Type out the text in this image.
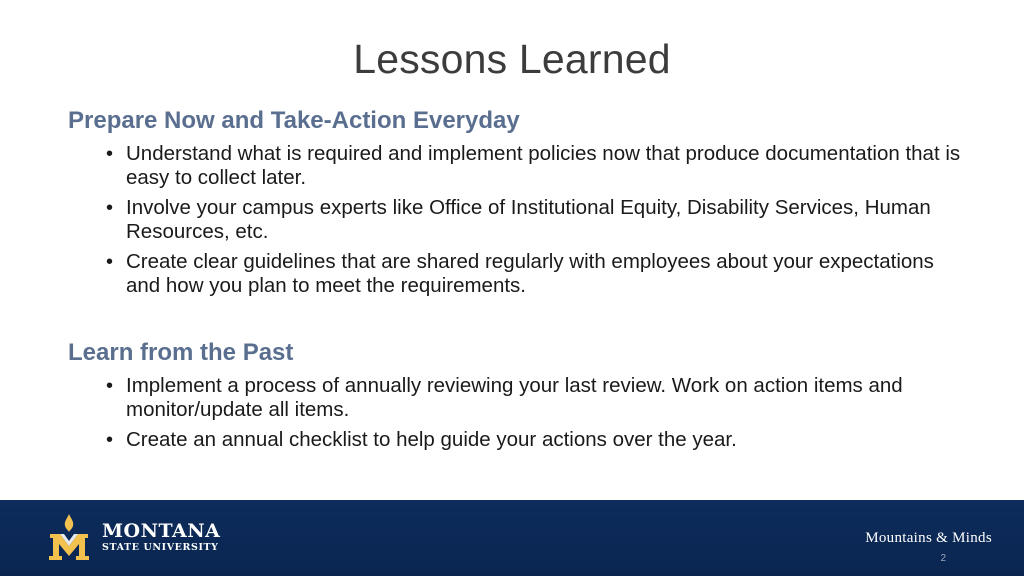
Lessons Learned
Prepare Now and Take-Action Everyday
• Understand what is required and implement policies now that produce documentation that is easy to collect later.
• Involve your campus experts like Office of Institutional Equity, Disability Services, Human Resources, etc.
• Create clear guidelines that are shared regularly with employees about your expectations and how you plan to meet the requirements.
Learn from the Past
• Implement a process of annually reviewing your last review. Work on action items and monitor/update all items.
• Create an annual checklist to help guide your actions over the year.
MONTANA
STATE UNIVERSITY
Mountains & Minds
2
